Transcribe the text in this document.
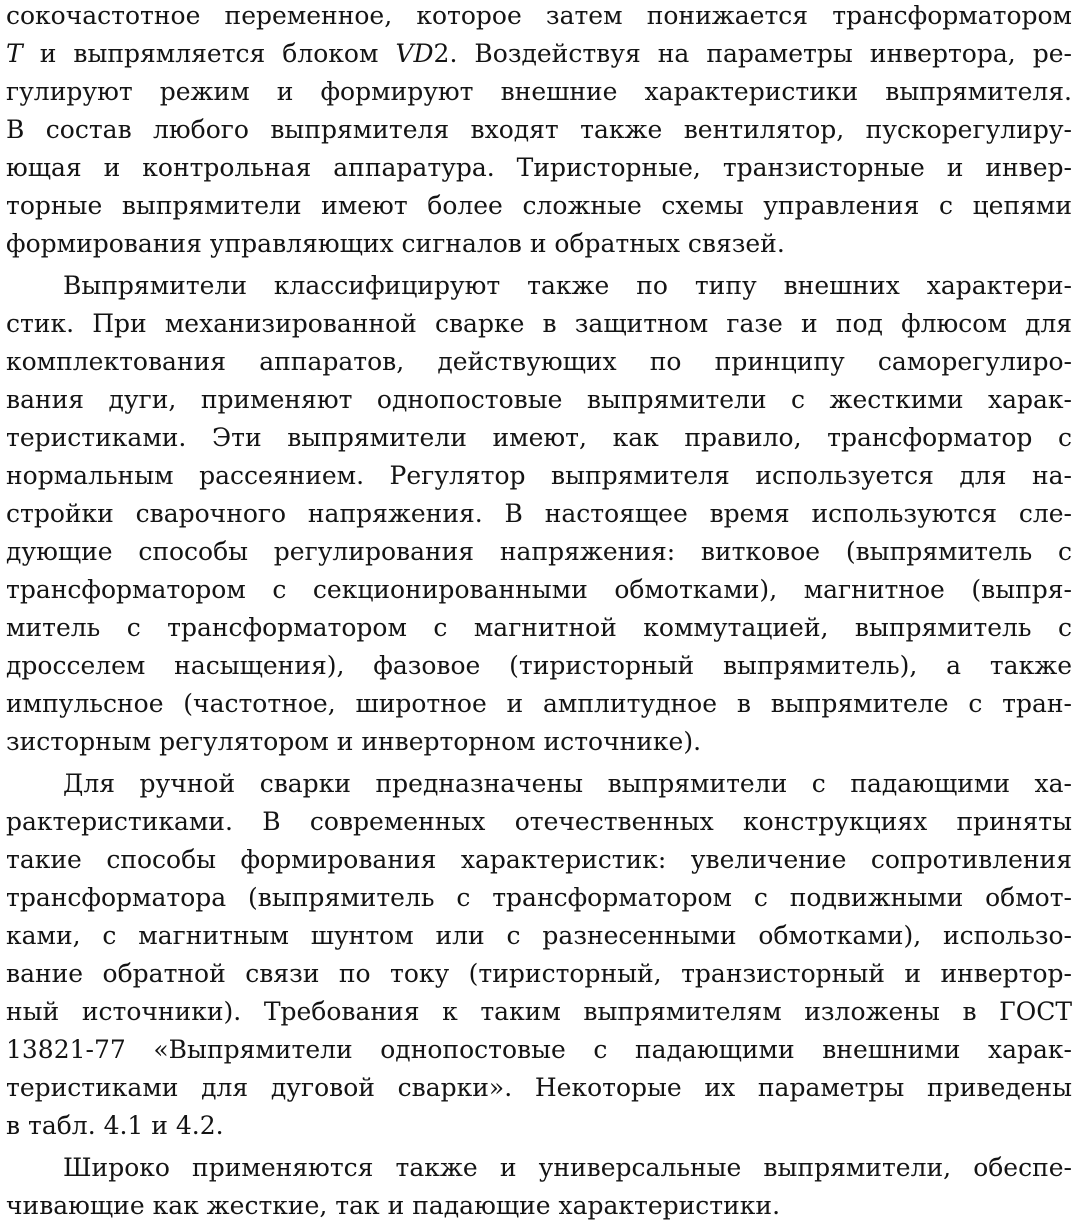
сокочастотное переменное, которое затем понижается трансформатором
T и выпрямляется блоком VD2. Воздействуя на параметры инвертора, ре-
гулируют режим и формируют внешние характеристики выпрямителя.
В состав любого выпрямителя входят также вентилятор, пускорегулиру-
ющая и контрольная аппаратура. Тиристорные, транзисторные и инвер-
торные выпрямители имеют более сложные схемы управления с цепями
формирования управляющих сигналов и обратных связей.
Выпрямители классифицируют также по типу внешних характери-
стик. При механизированной сварке в защитном газе и под флюсом для
комплектования аппаратов, действующих по принципу саморегулиро-
вания дуги, применяют однопостовые выпрямители с жесткими харак-
теристиками. Эти выпрямители имеют, как правило, трансформатор с
нормальным рассеянием. Регулятор выпрямителя используется для на-
стройки сварочного напряжения. В настоящее время используются сле-
дующие способы регулирования напряжения: витковое (выпрямитель с
трансформатором с секционированными обмотками), магнитное (выпря-
митель с трансформатором с магнитной коммутацией, выпрямитель с
дросселем насыщения), фазовое (тиристорный выпрямитель), а также
импульсное (частотное, широтное и амплитудное в выпрямителе с тран-
зисторным регулятором и инверторном источнике).
Для ручной сварки предназначены выпрямители с падающими ха-
рактеристиками. В современных отечественных конструкциях приняты
такие способы формирования характеристик: увеличение сопротивления
трансформатора (выпрямитель с трансформатором с подвижными обмот-
ками, с магнитным шунтом или с разнесенными обмотками), использо-
вание обратной связи по току (тиристорный, транзисторный и инвертор-
ный источники). Требования к таким выпрямителям изложены в ГОСТ
13821-77 «Выпрямители однопостовые с падающими внешними харак-
теристиками для дуговой сварки». Некоторые их параметры приведены
в табл. 4.1 и 4.2.
Широко применяются также и универсальные выпрямители, обеспе-
чивающие как жесткие, так и падающие характеристики.
